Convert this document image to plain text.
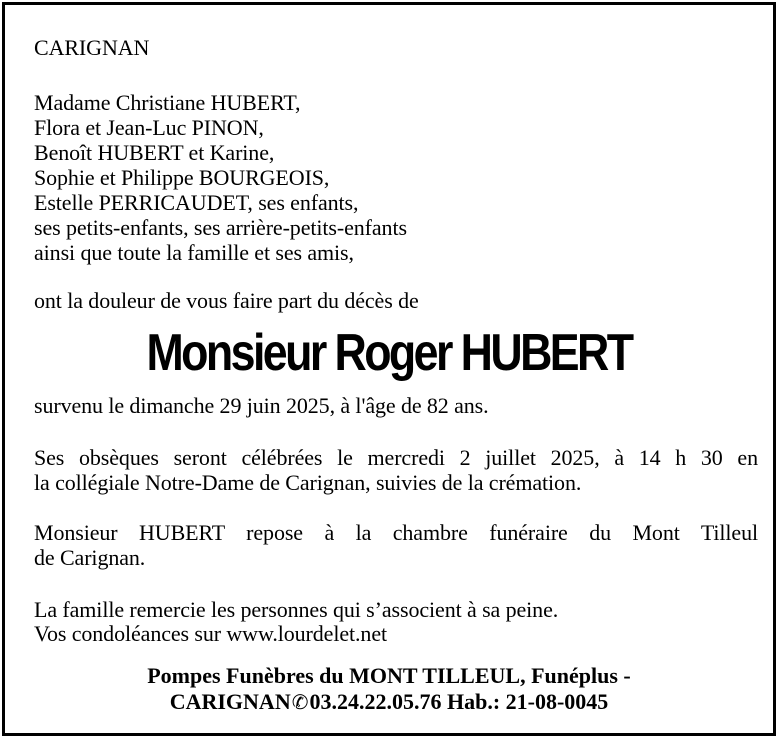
CARIGNAN
Madame Christiane HUBERT,
Flora et Jean-Luc PINON,
Benoît HUBERT et Karine,
Sophie et Philippe BOURGEOIS,
Estelle PERRICAUDET, ses enfants,
ses petits-enfants, ses arrière-petits-enfants
ainsi que toute la famille et ses amis,
ont la douleur de vous faire part du décès de
Monsieur Roger HUBERT
survenu le dimanche 29 juin 2025, à l'âge de 82 ans.
Ses obsèques seront célébrées le mercredi 2 juillet 2025, à 14 h 30 en
la collégiale Notre-Dame de Carignan, suivies de la crémation.
Monsieur HUBERT repose à la chambre funéraire du Mont Tilleul
de Carignan.
La famille remercie les personnes qui s’associent à sa peine.
Vos condoléances sur www.lourdelet.net
Pompes Funèbres du MONT TILLEUL, Funéplus -
CARIGNAN✆03.24.22.05.76 Hab.: 21-08-0045
